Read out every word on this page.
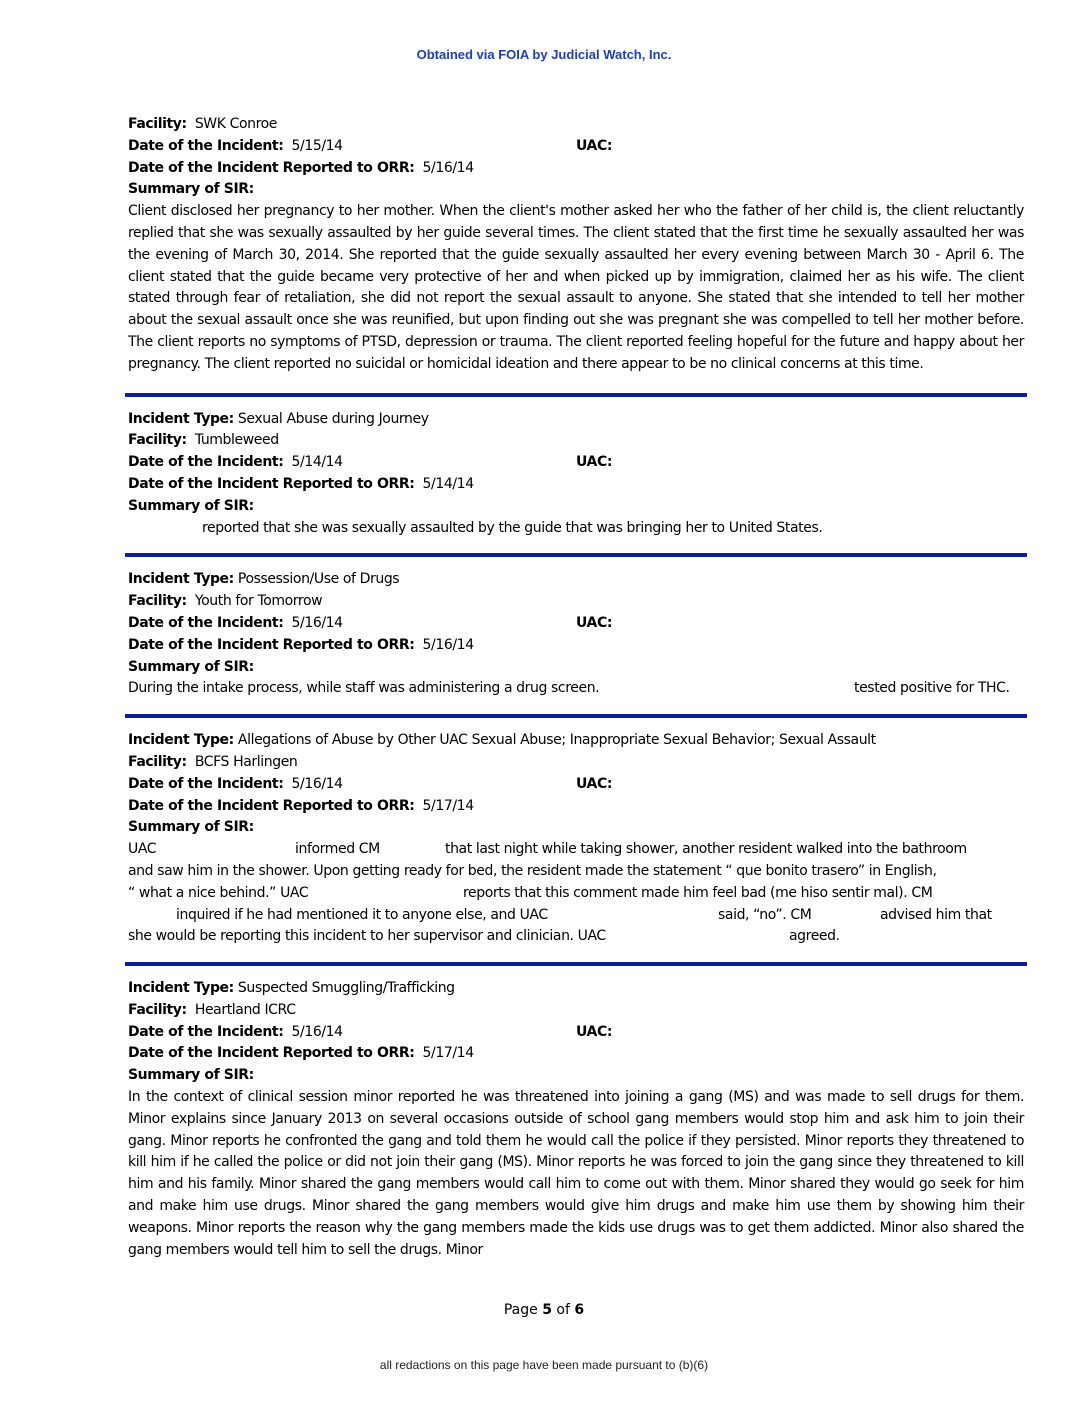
Obtained via FOIA by Judicial Watch, Inc.
Facility: SWK Conroe
Date of the Incident: 5/15/14	UAC:
Date of the Incident Reported to ORR: 5/16/14
Summary of SIR:
Client disclosed her pregnancy to her mother. When the client's mother asked her who the father of her child is, the client reluctantly replied that she was sexually assaulted by her guide several times. The client stated that the first time he sexually assaulted her was the evening of March 30, 2014. She reported that the guide sexually assaulted her every evening between March 30 - April 6. The client stated that the guide became very protective of her and when picked up by immigration, claimed her as his wife. The client stated through fear of retaliation, she did not report the sexual assault to anyone. She stated that she intended to tell her mother about the sexual assault once she was reunified, but upon finding out she was pregnant she was compelled to tell her mother before. The client reports no symptoms of PTSD, depression or trauma. The client reported feeling hopeful for the future and happy about her pregnancy. The client reported no suicidal or homicidal ideation and there appear to be no clinical concerns at this time.
Incident Type: Sexual Abuse during Journey
Facility: Tumbleweed
Date of the Incident: 5/14/14	UAC:
Date of the Incident Reported to ORR: 5/14/14
Summary of SIR:
reported that she was sexually assaulted by the guide that was bringing her to United States.
Incident Type: Possession/Use of Drugs
Facility: Youth for Tomorrow
Date of the Incident: 5/16/14	UAC:
Date of the Incident Reported to ORR: 5/16/14
Summary of SIR:
During the intake process, while staff was administering a drug screen.	tested positive for THC.
Incident Type: Allegations of Abuse by Other UAC Sexual Abuse; Inappropriate Sexual Behavior; Sexual Assault
Facility: BCFS Harlingen
Date of the Incident: 5/16/14	UAC:
Date of the Incident Reported to ORR: 5/17/14
Summary of SIR:
UAC	informed CM	that last night while taking shower, another resident walked into the bathroom
and saw him in the shower. Upon getting ready for bed, the resident made the statement “ que bonito trasero” in English,
“ what a nice behind.” UAC	reports that this comment made him feel bad (me hiso sentir mal). CM
inquired if he had mentioned it to anyone else, and UAC	said, “no”. CM	advised him that
she would be reporting this incident to her supervisor and clinician. UAC	agreed.
Incident Type: Suspected Smuggling/Trafficking
Facility: Heartland ICRC
Date of the Incident: 5/16/14	UAC:
Date of the Incident Reported to ORR: 5/17/14
Summary of SIR:
In the context of clinical session minor reported he was threatened into joining a gang (MS) and was made to sell drugs for them. Minor explains since January 2013 on several occasions outside of school gang members would stop him and ask him to join their gang. Minor reports he confronted the gang and told them he would call the police if they persisted. Minor reports they threatened to kill him if he called the police or did not join their gang (MS). Minor reports he was forced to join the gang since they threatened to kill him and his family. Minor shared the gang members would call him to come out with them. Minor shared they would go seek for him and make him use drugs. Minor shared the gang members would give him drugs and make him use them by showing him their weapons. Minor reports the reason why the gang members made the kids use drugs was to get them addicted. Minor also shared the gang members would tell him to sell the drugs. Minor
Page 5 of 6
all redactions on this page have been made pursuant to (b)(6)
